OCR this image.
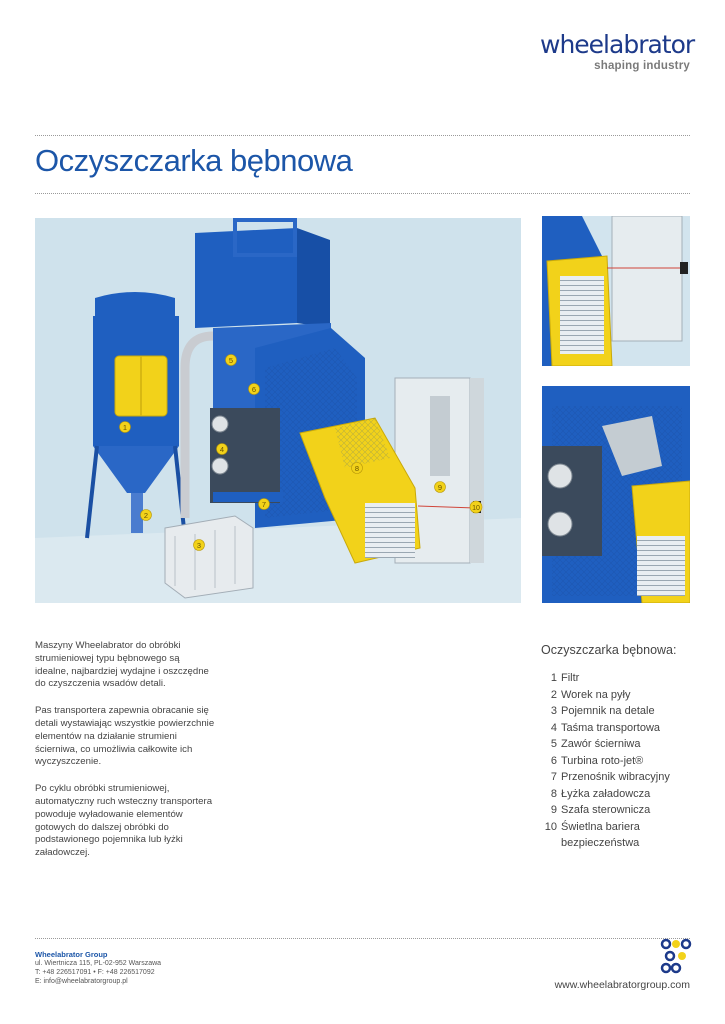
wheelabrator
shaping industry
Oczyszczarka bębnowa
1
2
3
4
5
6
7
8
9
10

Maszyny Wheelabrator do obróbki strumieniowej typu bębnowego są idealne, najbardziej wydajne i oszczędne do czyszczenia wsadów detali.

Pas transportera zapewnia obracanie się detali wystawiając wszystkie powierzchnie elementów na działanie strumieni ścierniwa, co umożliwia całkowite ich wyczyszczenie.

Po cyklu obróbki strumieniowej, automatyczny ruch wsteczny transportera powoduje wyładowanie elementów gotowych do dalszej obróbki do podstawionego pojemnika lub łyżki załadowczej.

Oczyszczarka bębnowa:
1 Filtr
2 Worek na pyły
3 Pojemnik na detale
4 Taśma transportowa
5 Zawór ścierniwa
6 Turbina roto-jet®
7 Przenośnik wibracyjny
8 Łyżka załadowcza
9 Szafa sterownicza
10 Świetlna bariera bezpieczeństwa
Wheelabrator Group
ul. Wiertnicza 115, PL-02-952 Warszawa
T: +48 226517091 • F: +48 226517092
E: info@wheelabratorgroup.pl	www.wheelabratorgroup.com
